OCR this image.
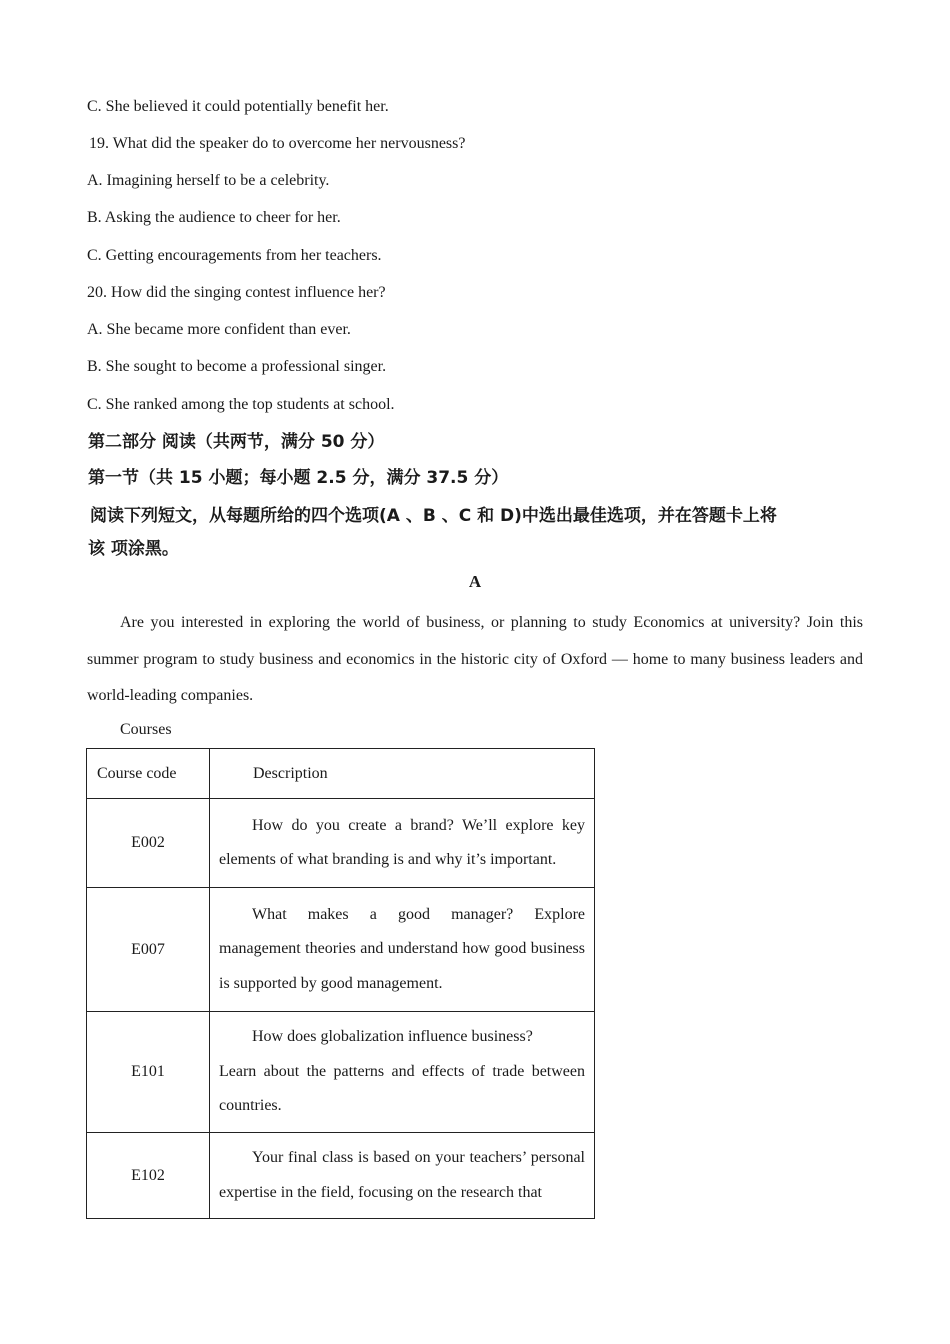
C. She believed it could potentially benefit her.
19. What did the speaker do to overcome her nervousness?
A. Imagining herself to be a celebrity.
B. Asking the audience to cheer for her.
C. Getting encouragements from her teachers.
20. How did the singing contest influence her?
A. She became more confident than ever.
B. She sought to become a professional singer.
C. She ranked among the top students at school.
第二部分 阅读（共两节，满分 50 分）
第一节（共 15 小题；每小题 2.5 分，满分 37.5 分）
阅读下列短文，从每题所给的四个选项(A 、B 、C 和 D)中选出最佳选项，并在答题卡上将
该 项涂黑。
A
Are you interested in exploring the world of business, or planning to study Economics at university? Join this summer program to study business and economics in the historic city of Oxford — home to many business leaders and world-leading companies.
Courses
Course code	Description
E002	How do you create a brand? We’ll explore key elements of what branding is and why it’s important.
E007	What makes a good manager? Explore management theories and understand how good business is supported by good management.
E101	How does globalization influence business?
Learn about the patterns and effects of trade between countries.

E102	Your final class is based on your teachers’ personal expertise in the field, focusing on the research that
